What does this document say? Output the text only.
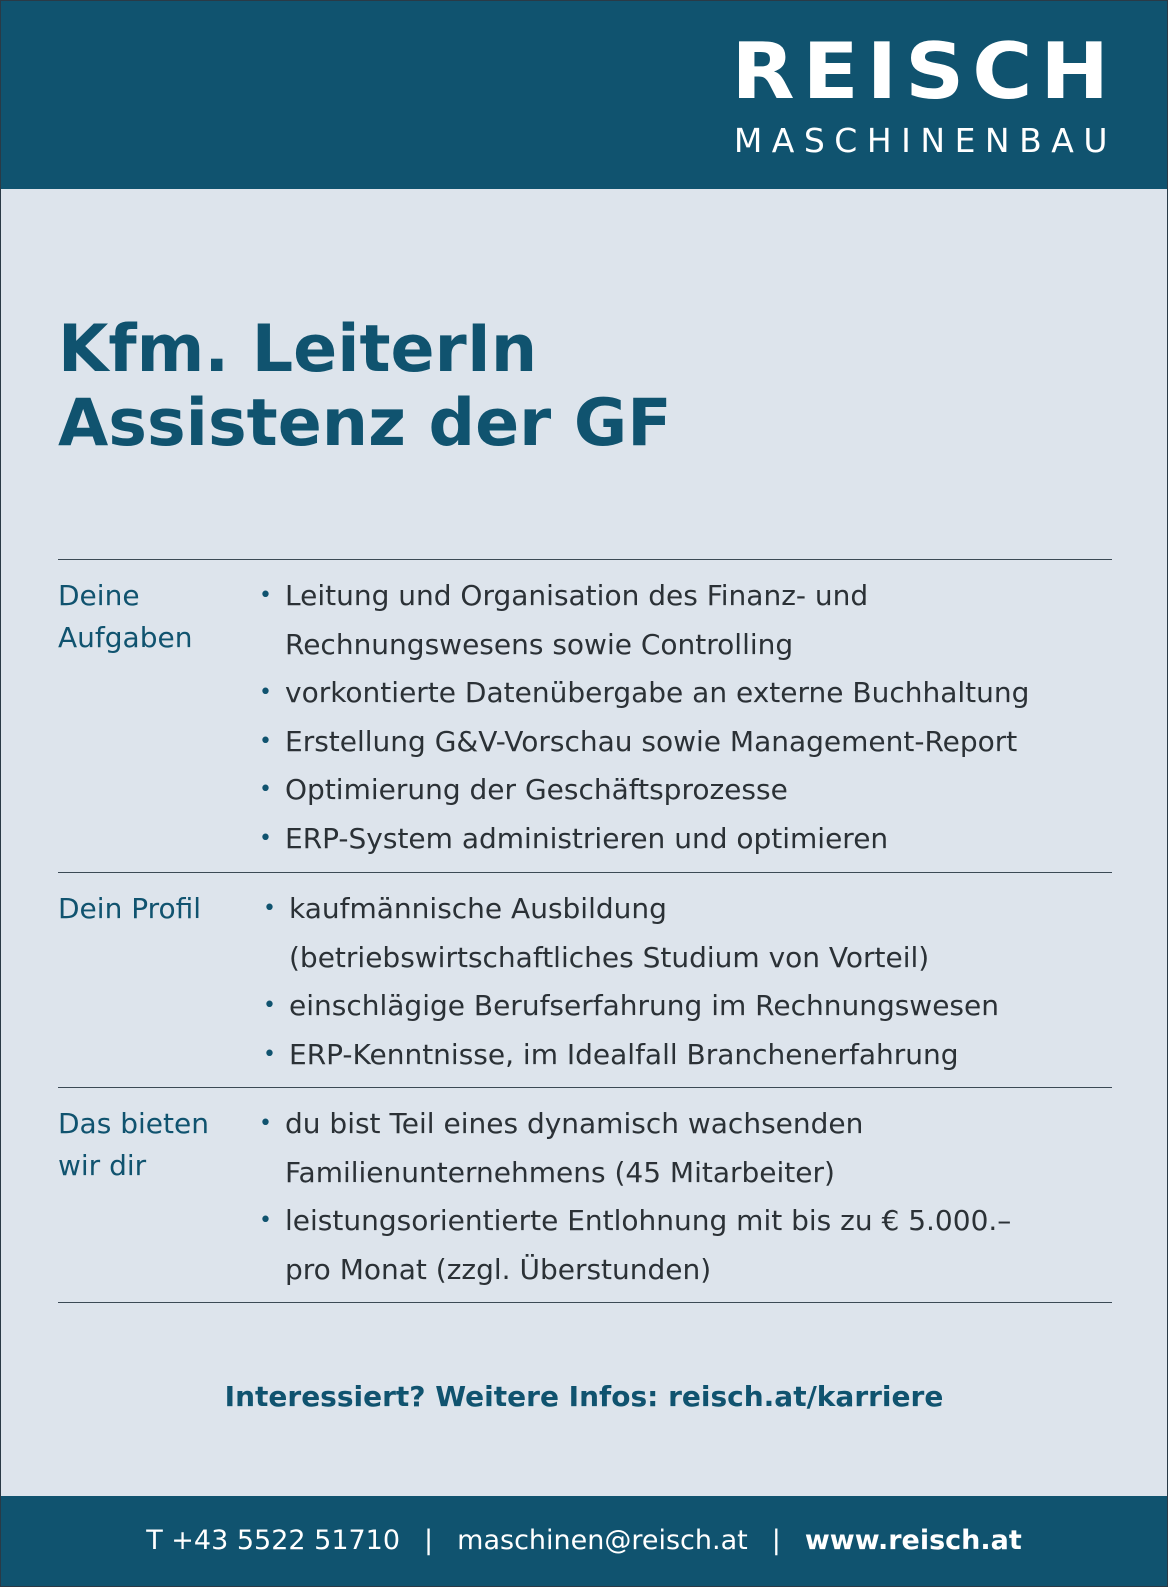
REISCH
MASCHINENBAU
Kfm. LeiterIn
Assistenz der GF
Deine
Aufgaben
• Leitung und Organisation des Finanz- und
Rechnungswesens sowie Controlling
• vorkontierte Datenübergabe an externe Buchhaltung
• Erstellung G&V-Vorschau sowie Management-Report
• Optimierung der Geschäftsprozesse
• ERP-System administrieren und optimieren
Dein Profil
•	kaufmännische Ausbildung
(betriebswirtschaftliches Studium von Vorteil)
• einschlägige Berufserfahrung im Rechnungswesen
• ERP-Kenntnisse, im Idealfall Branchenerfahrung
Das bieten
wir dir
• du bist Teil eines dynamisch wachsenden
Familienunternehmens (45 Mitarbeiter)
• leistungsorientierte Entlohnung mit bis zu € 5.000.–
pro Monat (zzgl. Überstunden)
Interessiert? Weitere Infos: reisch.at/karriere
T +43 5522 51710 | maschinen@reisch.at | www.reisch.at
